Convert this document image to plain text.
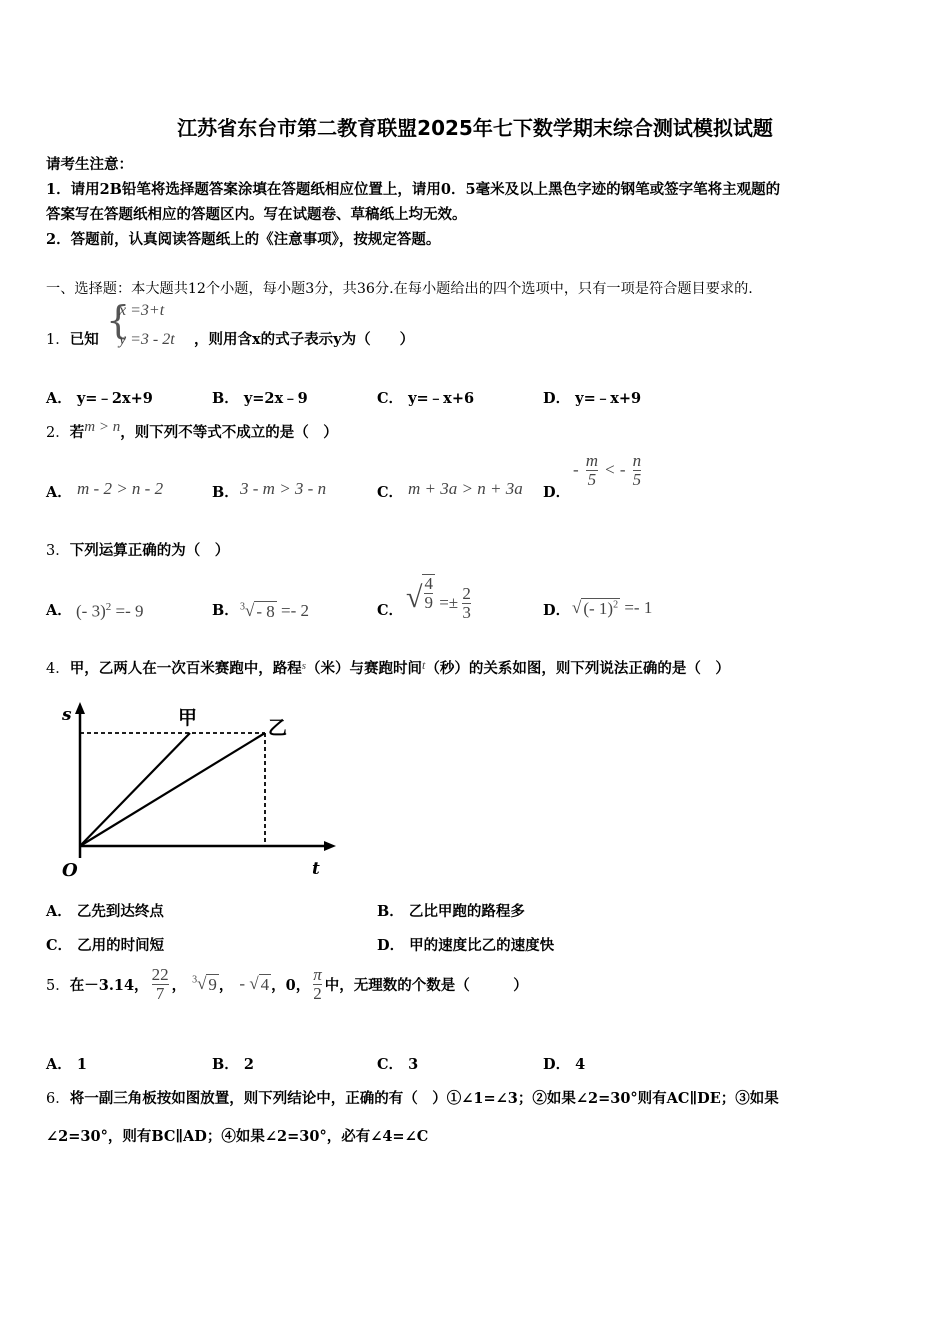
江苏省东台市第二教育联盟2025年七下数学期末综合测试模拟试题
请考生注意：
1．请用2B铅笔将选择题答案涂填在答题纸相应位置上，请用0．5毫米及以上黑色字迹的钢笔或签字笔将主观题的
答案写在答题纸相应的答题区内。写在试题卷、草稿纸上均无效。
2．答题前，认真阅读答题纸上的《注意事项》，按规定答题。
一、选择题：本大题共12个小题，每小题3分，共36分.在每小题给出的四个选项中，只有一项是符合题目要求的.
1．已知 {
x =3+t
y =3 - 2t ，则用含x的式子表示y为（　　）
A． y=﹣2x+9	B． y=2x﹣9	C． y=﹣x+6	D． y=﹣x+9
2．若m > n，则下列不等式不成立的是（　）
A． m - 2 > n - 2	B． 3 - m > 3 - n	C． m + 3a > n + 3a D．
- $\frac{m}{5}$ < - $\frac{n}{5}$
3．下列运算正确的为（　）
A． (- 3)$^2$ =- 9	B． $^3$ √ - 8 =- 2	C． √ $\frac{4}{9} =\pm \frac{2}{3}$	D． √ (- 1)$^2$ =- 1
4．甲，乙两人在一次百米赛跑中，路程$^s$（米）与赛跑时间$^t$（秒）的关系如图，则下列说法正确的是（　）
s
t
O
甲	乙
A． 乙先到达终点	B． 乙比甲跑的路程多
C． 乙用的时间短	D． 甲的速度比乙的速度快
5． 在－3.14， $\frac{22}{7}$ ， $^3$ √ 9 ， - √ 4 ，0， $\frac{\pi}{2}$ 中，无理数的个数是（　　　）
A． 1	B． 2	C． 3	D． 4
6．将一副三角板按如图放置，则下列结论中，正确的有（　）①∠1=∠3；②如果∠2=30°则有AC∥DE；③如果
∠2=30°，则有BC∥AD；④如果∠2=30°，必有∠4=∠C
